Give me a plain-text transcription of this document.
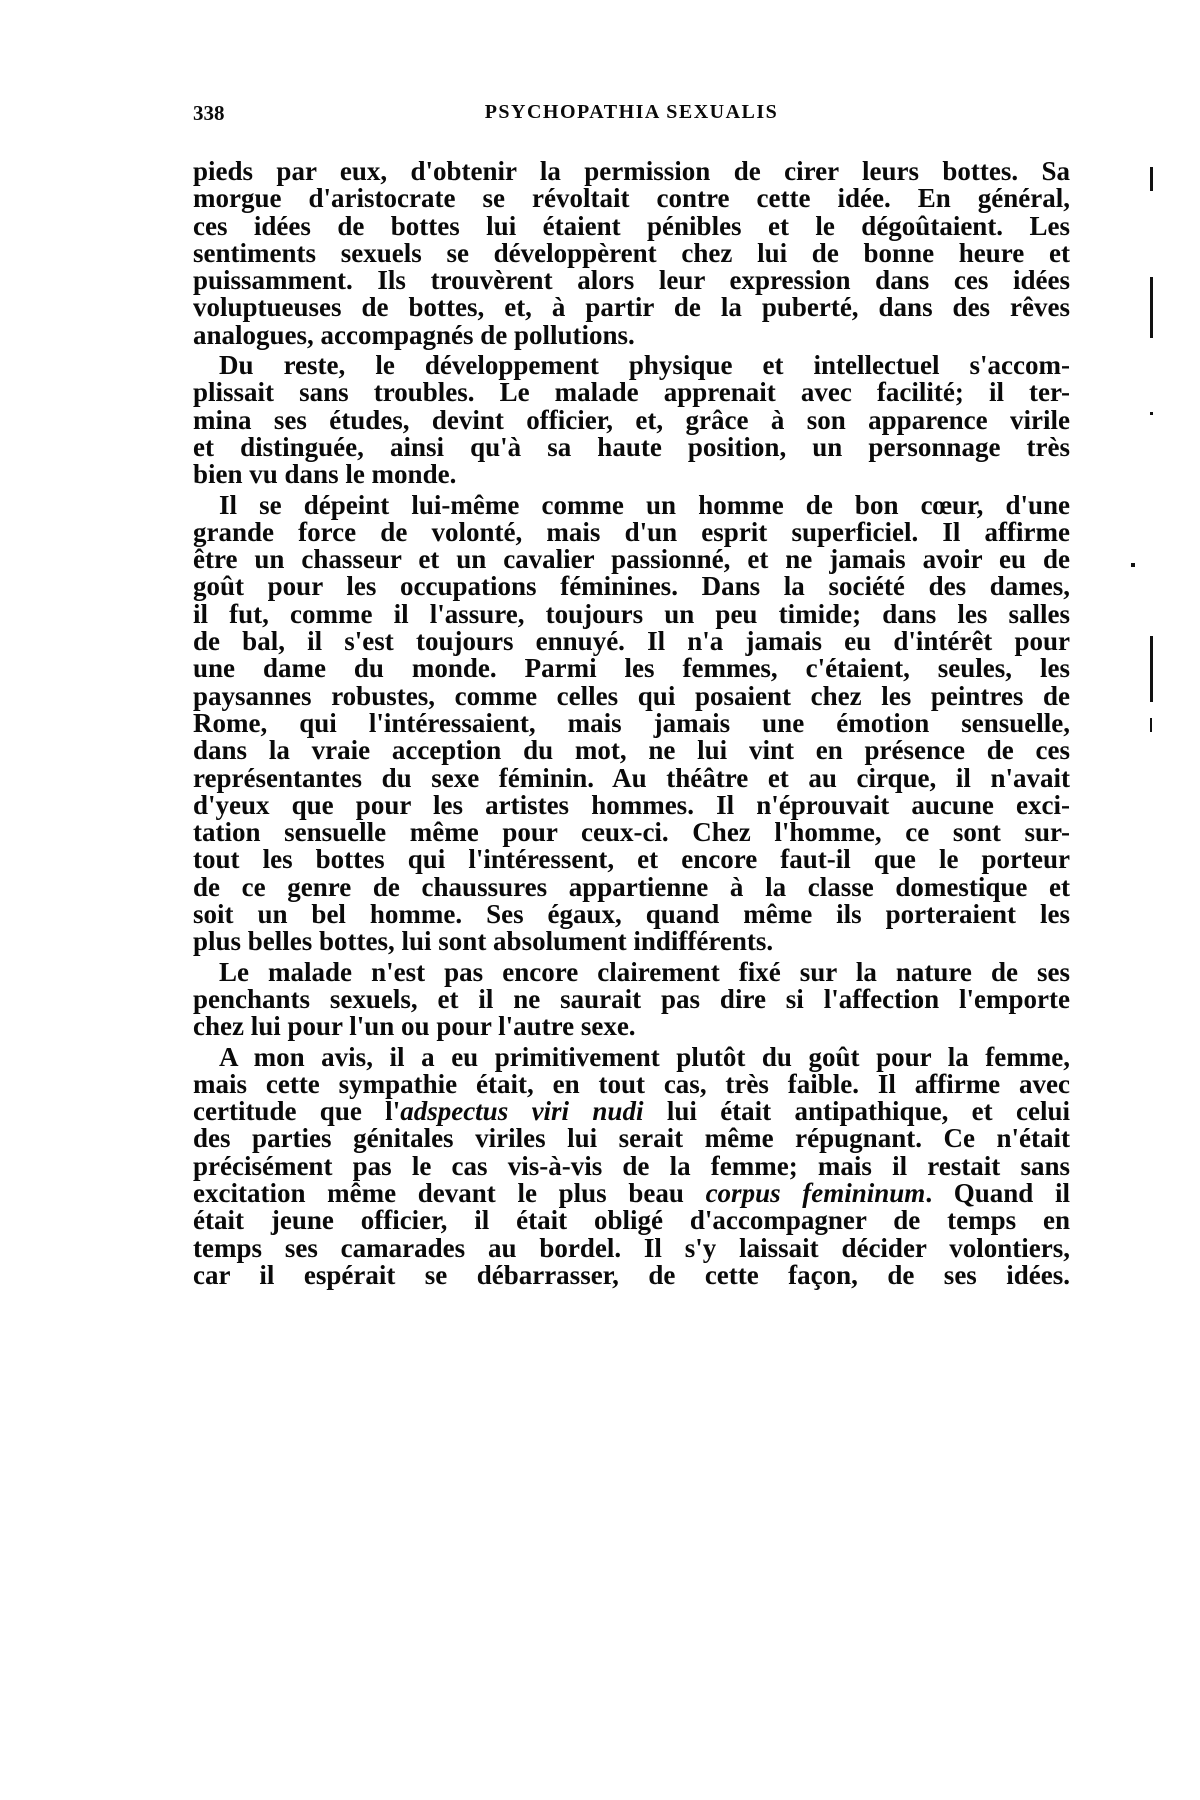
338	PSYCHOPATHIA SEXUALIS
pieds par eux, d'obtenir la permission de cirer leurs bottes. Sa
morgue d'aristocrate se révoltait contre cette idée. En général,
ces idées de bottes lui étaient pénibles et le dégoûtaient. Les
sentiments sexuels se développèrent chez lui de bonne heure et
puissamment. Ils trouvèrent alors leur expression dans ces idées
voluptueuses de bottes, et, à partir de la puberté, dans des rêves
analogues, accompagnés de pollutions.
Du reste, le développement physique et intellectuel s'accom-
plissait sans troubles. Le malade apprenait avec facilité; il ter-
mina ses études, devint officier, et, grâce à son apparence virile
et distinguée, ainsi qu'à sa haute position, un personnage très
bien vu dans le monde.
Il se dépeint lui-même comme un homme de bon cœur, d'une
grande force de volonté, mais d'un esprit superficiel. Il affirme
être un chasseur et un cavalier passionné, et ne jamais avoir eu de
goût pour les occupations féminines. Dans la société des dames,
il fut, comme il l'assure, toujours un peu timide; dans les salles
de bal, il s'est toujours ennuyé. Il n'a jamais eu d'intérêt pour
une dame du monde. Parmi les femmes, c'étaient, seules, les
paysannes robustes, comme celles qui posaient chez les peintres de
Rome, qui l'intéressaient, mais jamais une émotion sensuelle,
dans la vraie acception du mot, ne lui vint en présence de ces
représentantes du sexe féminin. Au théâtre et au cirque, il n'avait
d'yeux que pour les artistes hommes. Il n'éprouvait aucune exci-
tation sensuelle même pour ceux-ci. Chez l'homme, ce sont sur-
tout les bottes qui l'intéressent, et encore faut-il que le porteur
de ce genre de chaussures appartienne à la classe domestique et
soit un bel homme. Ses égaux, quand même ils porteraient les
plus belles bottes, lui sont absolument indifférents.
Le malade n'est pas encore clairement fixé sur la nature de ses
penchants sexuels, et il ne saurait pas dire si l'affection l'emporte
chez lui pour l'un ou pour l'autre sexe.
A mon avis, il a eu primitivement plutôt du goût pour la femme,
mais cette sympathie était, en tout cas, très faible. Il affirme avec
certitude que l'adspectus viri nudi lui était antipathique, et celui
des parties génitales viriles lui serait même répugnant. Ce n'était
précisément pas le cas vis-à-vis de la femme; mais il restait sans
excitation même devant le plus beau corpus femininum. Quand il
était jeune officier, il était obligé d'accompagner de temps en
temps ses camarades au bordel. Il s'y laissait décider volontiers,
car il espérait se débarrasser, de cette façon, de ses idées.
